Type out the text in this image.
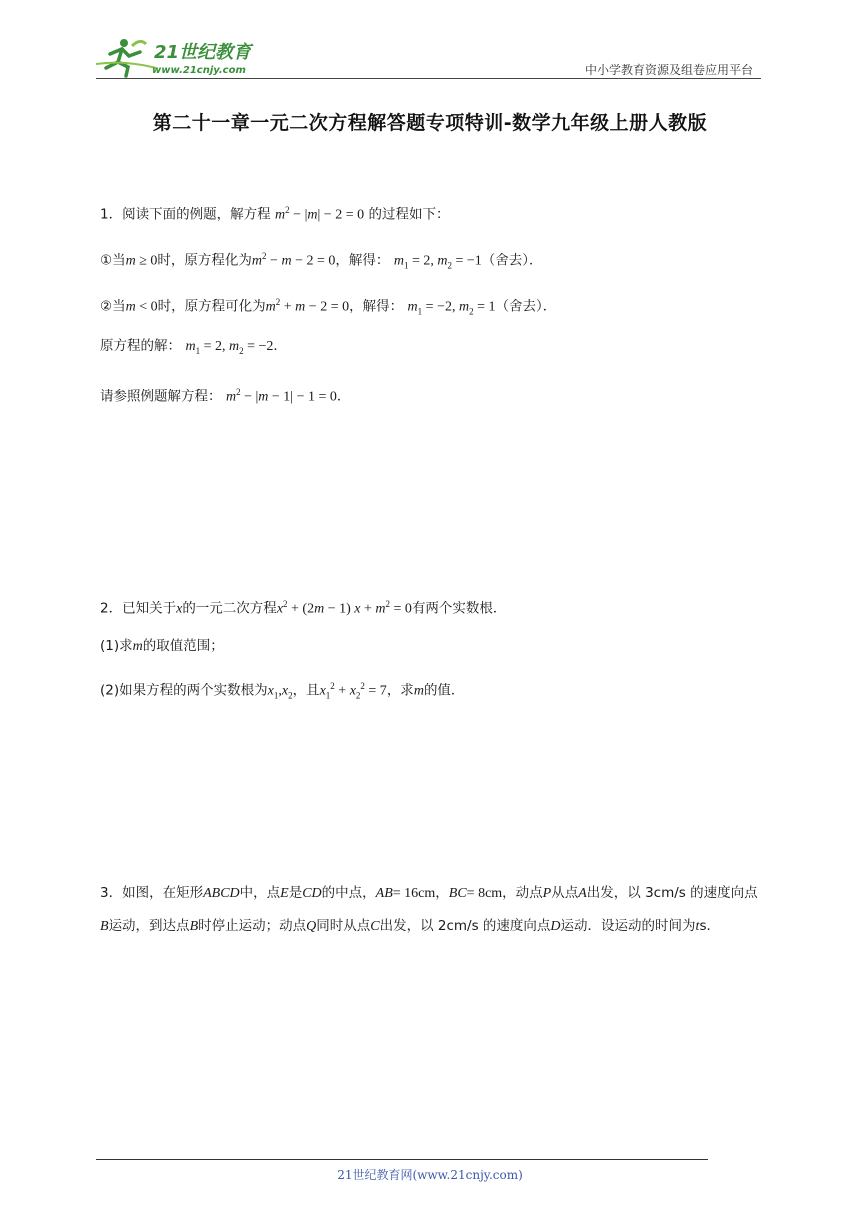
21世纪教育
www.21cnjy.com	中小学教育资源及组卷应用平台
第二十一章一元二次方程解答题专项特训-数学九年级上册人教版
1．阅读下面的例题，解方程 $m^2 - |m| - 2 = 0$ 的过程如下：
①当m ≥ 0时，原方程化为$m^2 - m - 2 = 0$，解得： $m_1 = 2$, $m_2 = -1$（舍去）．
②当m < 0时，原方程可化为$m^2 + m - 2 = 0$，解得： $m_1 = -2$, $m_2 = 1$（舍去）．
原方程的解： $m_1 = 2$, $m_2 = -2$．
请参照例题解方程： $m^2 - |m - 1| - 1 = 0$．
2．已知关于x的一元二次方程$x^2 + (2m - 1) x + m^2 = 0$有两个实数根．
(1)求m的取值范围；
(2)如果方程的两个实数根为$x_1,x_2$，且$x_1^2 + x_2^2 = 7$，求m的值．
3．如图，在矩形ABCD中，点E是CD的中点，AB= 16cm，BC= 8cm，动点P从点A出发，以 3cm/s 的速度向点B运动，到达点B时停止运动；动点Q同时从点C出发，以 2cm/s 的速度向点D运动．设运动的时间为ts．
21世纪教育网(www.21cnjy.com)
